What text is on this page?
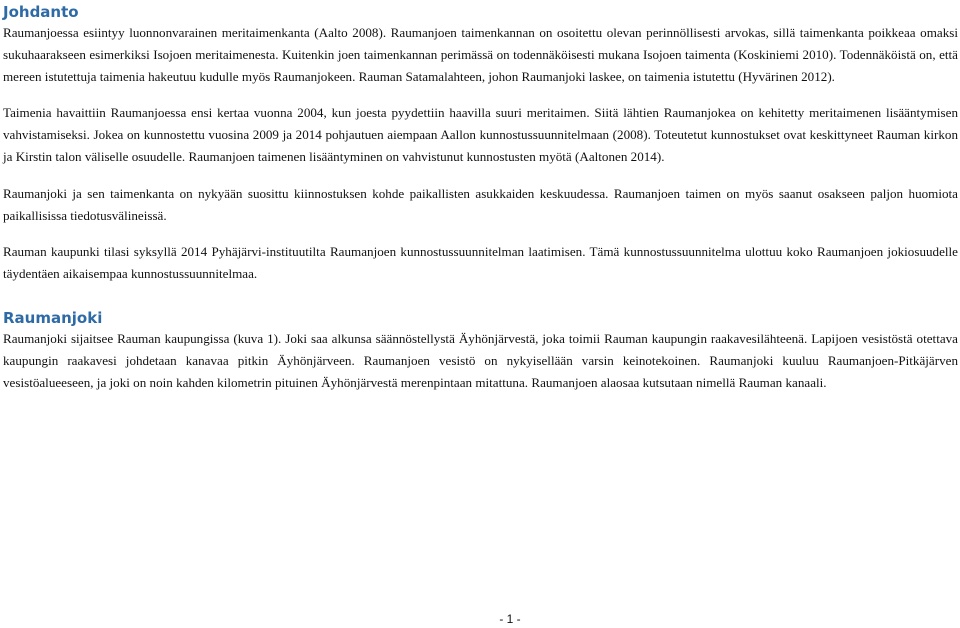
Johdanto

Raumanjoessa esiintyy luonnonvarainen meritaimenkanta (Aalto 2008). Raumanjoen taimenkannan on osoitettu olevan perinnöllisesti arvokas, sillä taimenkanta poikkeaa omaksi sukuhaarakseen esimerkiksi Isojoen meritaimenesta. Kuitenkin joen taimenkannan perimässä on todennäköisesti mukana Isojoen taimenta (Koskiniemi 2010). Todennäköistä on, että mereen istutettuja taimenia hakeutuu kudulle myös Raumanjokeen. Rauman Satamalahteen, johon Raumanjoki laskee, on taimenia istutettu (Hyvärinen 2012).

Taimenia havaittiin Raumanjoessa ensi kertaa vuonna 2004, kun joesta pyydettiin haavilla suuri meritaimen. Siitä lähtien Raumanjokea on kehitetty meritaimenen lisääntymisen vahvistamiseksi. Jokea on kunnostettu vuosina 2009 ja 2014 pohjautuen aiempaan Aallon kunnostussuunnitelmaan (2008). Toteutetut kunnostukset ovat keskittyneet Rauman kirkon ja Kirstin talon väliselle osuudelle. Raumanjoen taimenen lisääntyminen on vahvistunut kunnostusten myötä (Aaltonen 2014).

Raumanjoki ja sen taimenkanta on nykyään suosittu kiinnostuksen kohde paikallisten asukkaiden keskuudessa. Raumanjoen taimen on myös saanut osakseen paljon huomiota paikallisissa tiedotusvälineissä.

Rauman kaupunki tilasi syksyllä 2014 Pyhäjärvi-instituutilta Raumanjoen kunnostussuunnitelman laatimisen. Tämä kunnostussuunnitelma ulottuu koko Raumanjoen jokiosuudelle täydentäen aikaisempaa kunnostussuunnitelmaa.

Raumanjoki

Raumanjoki sijaitsee Rauman kaupungissa (kuva 1). Joki saa alkunsa säännöstellystä Äyhönjärvestä, joka toimii Rauman kaupungin raakavesilähteenä. Lapijoen vesistöstä otettava kaupungin raakavesi johdetaan kanavaa pitkin Äyhönjärveen. Raumanjoen vesistö on nykyisellään varsin keinotekoinen. Raumanjoki kuuluu Raumanjoen-Pitkäjärven vesistöalueeseen, ja joki on noin kahden kilometrin pituinen Äyhönjärvestä merenpintaan mitattuna. Raumanjoen alaosaa kutsutaan nimellä Rauman kanaali.

- 1 -
